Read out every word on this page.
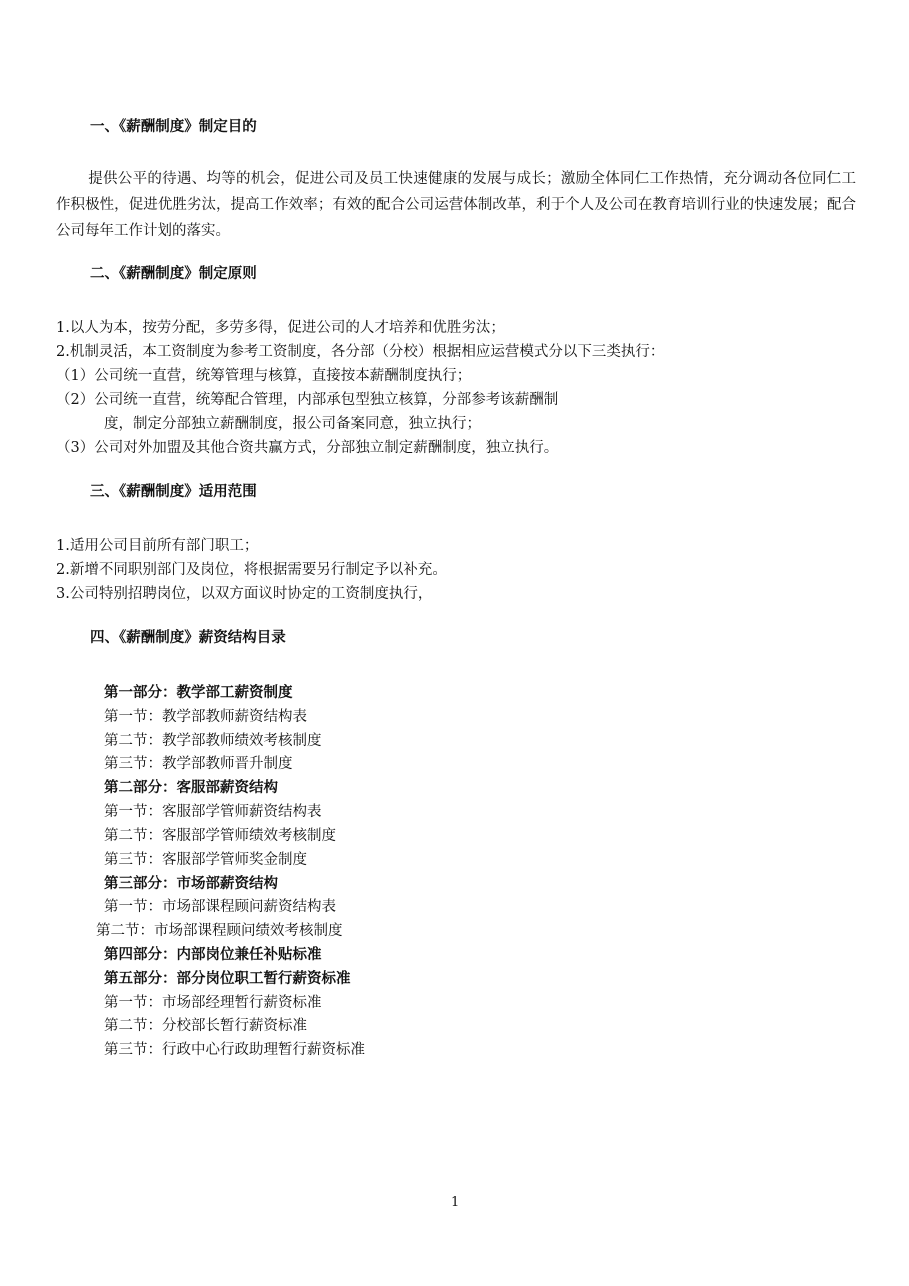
一、《薪酬制度》制定目的
提供公平的待遇、均等的机会，促进公司及员工快速健康的发展与成长；激励全体同仁工作热情，充分调动各位同仁工作积极性，促进优胜劣汰，提高工作效率；有效的配合公司运营体制改革，利于个人及公司在教育培训行业的快速发展；配合公司每年工作计划的落实。
二、《薪酬制度》制定原则
1.以人为本，按劳分配，多劳多得，促进公司的人才培养和优胜劣汰；
2.机制灵活，本工资制度为参考工资制度，各分部（分校）根据相应运营模式分以下三类执行：
（1）公司统一直营，统筹管理与核算，直接按本薪酬制度执行；
（2）公司统一直营，统筹配合管理，内部承包型独立核算，分部参考该薪酬制
度，制定分部独立薪酬制度，报公司备案同意，独立执行；
（3）公司对外加盟及其他合资共赢方式，分部独立制定薪酬制度，独立执行。
三、《薪酬制度》适用范围
1.适用公司目前所有部门职工；
2.新增不同职别部门及岗位，将根据需要另行制定予以补充。
3.公司特别招聘岗位，以双方面议时协定的工资制度执行，
四、《薪酬制度》薪资结构目录
第一部分：教学部工薪资制度
第一节：教学部教师薪资结构表
第二节：教学部教师绩效考核制度
第三节：教学部教师晋升制度
第二部分：客服部薪资结构
第一节：客服部学管师薪资结构表
第二节：客服部学管师绩效考核制度
第三节：客服部学管师奖金制度
第三部分：市场部薪资结构
第一节：市场部课程顾问薪资结构表
第二节：市场部课程顾问绩效考核制度
第四部分：内部岗位兼任补贴标准
第五部分：部分岗位职工暂行薪资标准
第一节：市场部经理暂行薪资标准
第二节：分校部长暂行薪资标准
第三节：行政中心行政助理暂行薪资标准
1
